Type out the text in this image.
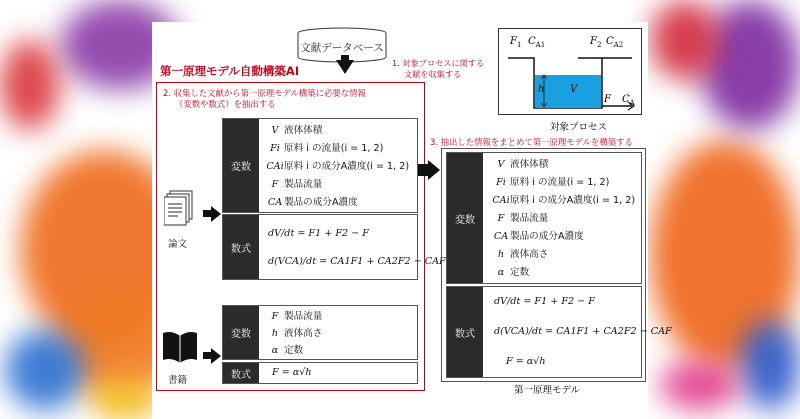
文献データベース
1. 対象プロセスに関する
文献を収集する
第一原理モデル自動構築AI
2. 収集した文献から第一原理モデル構築に必要な情報
（変数や数式）を抽出する
$F_1$ $C_{A1}$	$F_2$ $C_{A2}$
h	V
F $C_A$
対象プロセス
論文
書籍
変数
V 液体体積
Fi 原料 i の流量(i = 1, 2)
CAi原料 i の成分A濃度(i = 1, 2)
F 製品流量
CA 製品の成分A濃度
数式
dV/dt = F1 + F2 − F
d(VCA)/dt = CA1F1 + CA2F2 − CAF
変数
F 製品流量
h 液体高さ
α 定数
数式	F = α√h
3. 抽出した情報をまとめて第一原理モデルを構築する
変数
V 液体体積
Fi 原料 i の流量(i = 1, 2)
CAi原料 i の成分A濃度(i = 1, 2)
F 製品流量
CA 製品の成分A濃度
h 液体高さ
α 定数
数式
dV/dt = F1 + F2 − F
d(VCA)/dt = CA1F1 + CA2F2 − CAF
F = α√h
第一原理モデル
